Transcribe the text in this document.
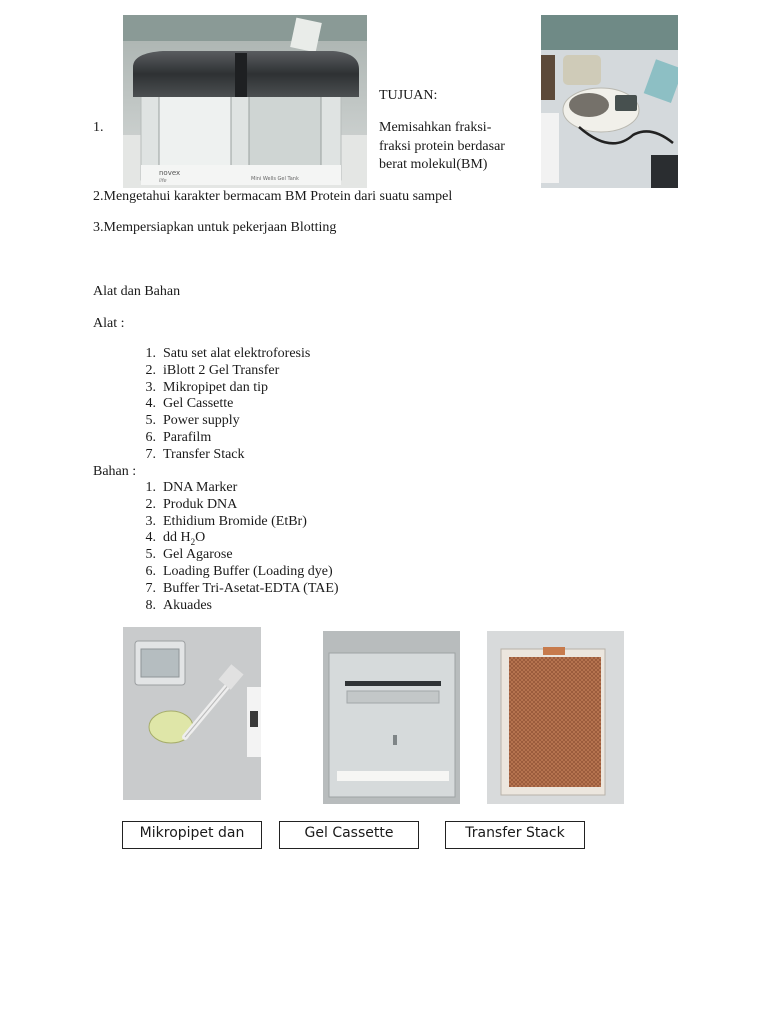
novex
life	Mini Wells Gel Tank
TUJUAN:
1.	Memisahkan fraksi-
fraksi protein berdasar
berat molekul(BM)
2.Mengetahui karakter bermacam BM Protein dari suatu sampel
3.Mempersiapkan untuk pekerjaan Blotting
Alat dan Bahan
Alat :
1. Satu set alat elektroforesis
2. iBlott 2 Gel Transfer
3. Mikropipet dan tip
4. Gel Cassette
5. Power supply
6. Parafilm
7. Transfer Stack
Bahan :
1. DNA Marker
2. Produk DNA
3. Ethidium Bromide (EtBr)
4. dd $H_2O$
5. Gel Agarose
6. Loading Buffer (Loading dye)
7. Buffer Tri-Asetat-EDTA (TAE)
8. Akuades
Mikropipet dan	Gel Cassette	Transfer Stack
